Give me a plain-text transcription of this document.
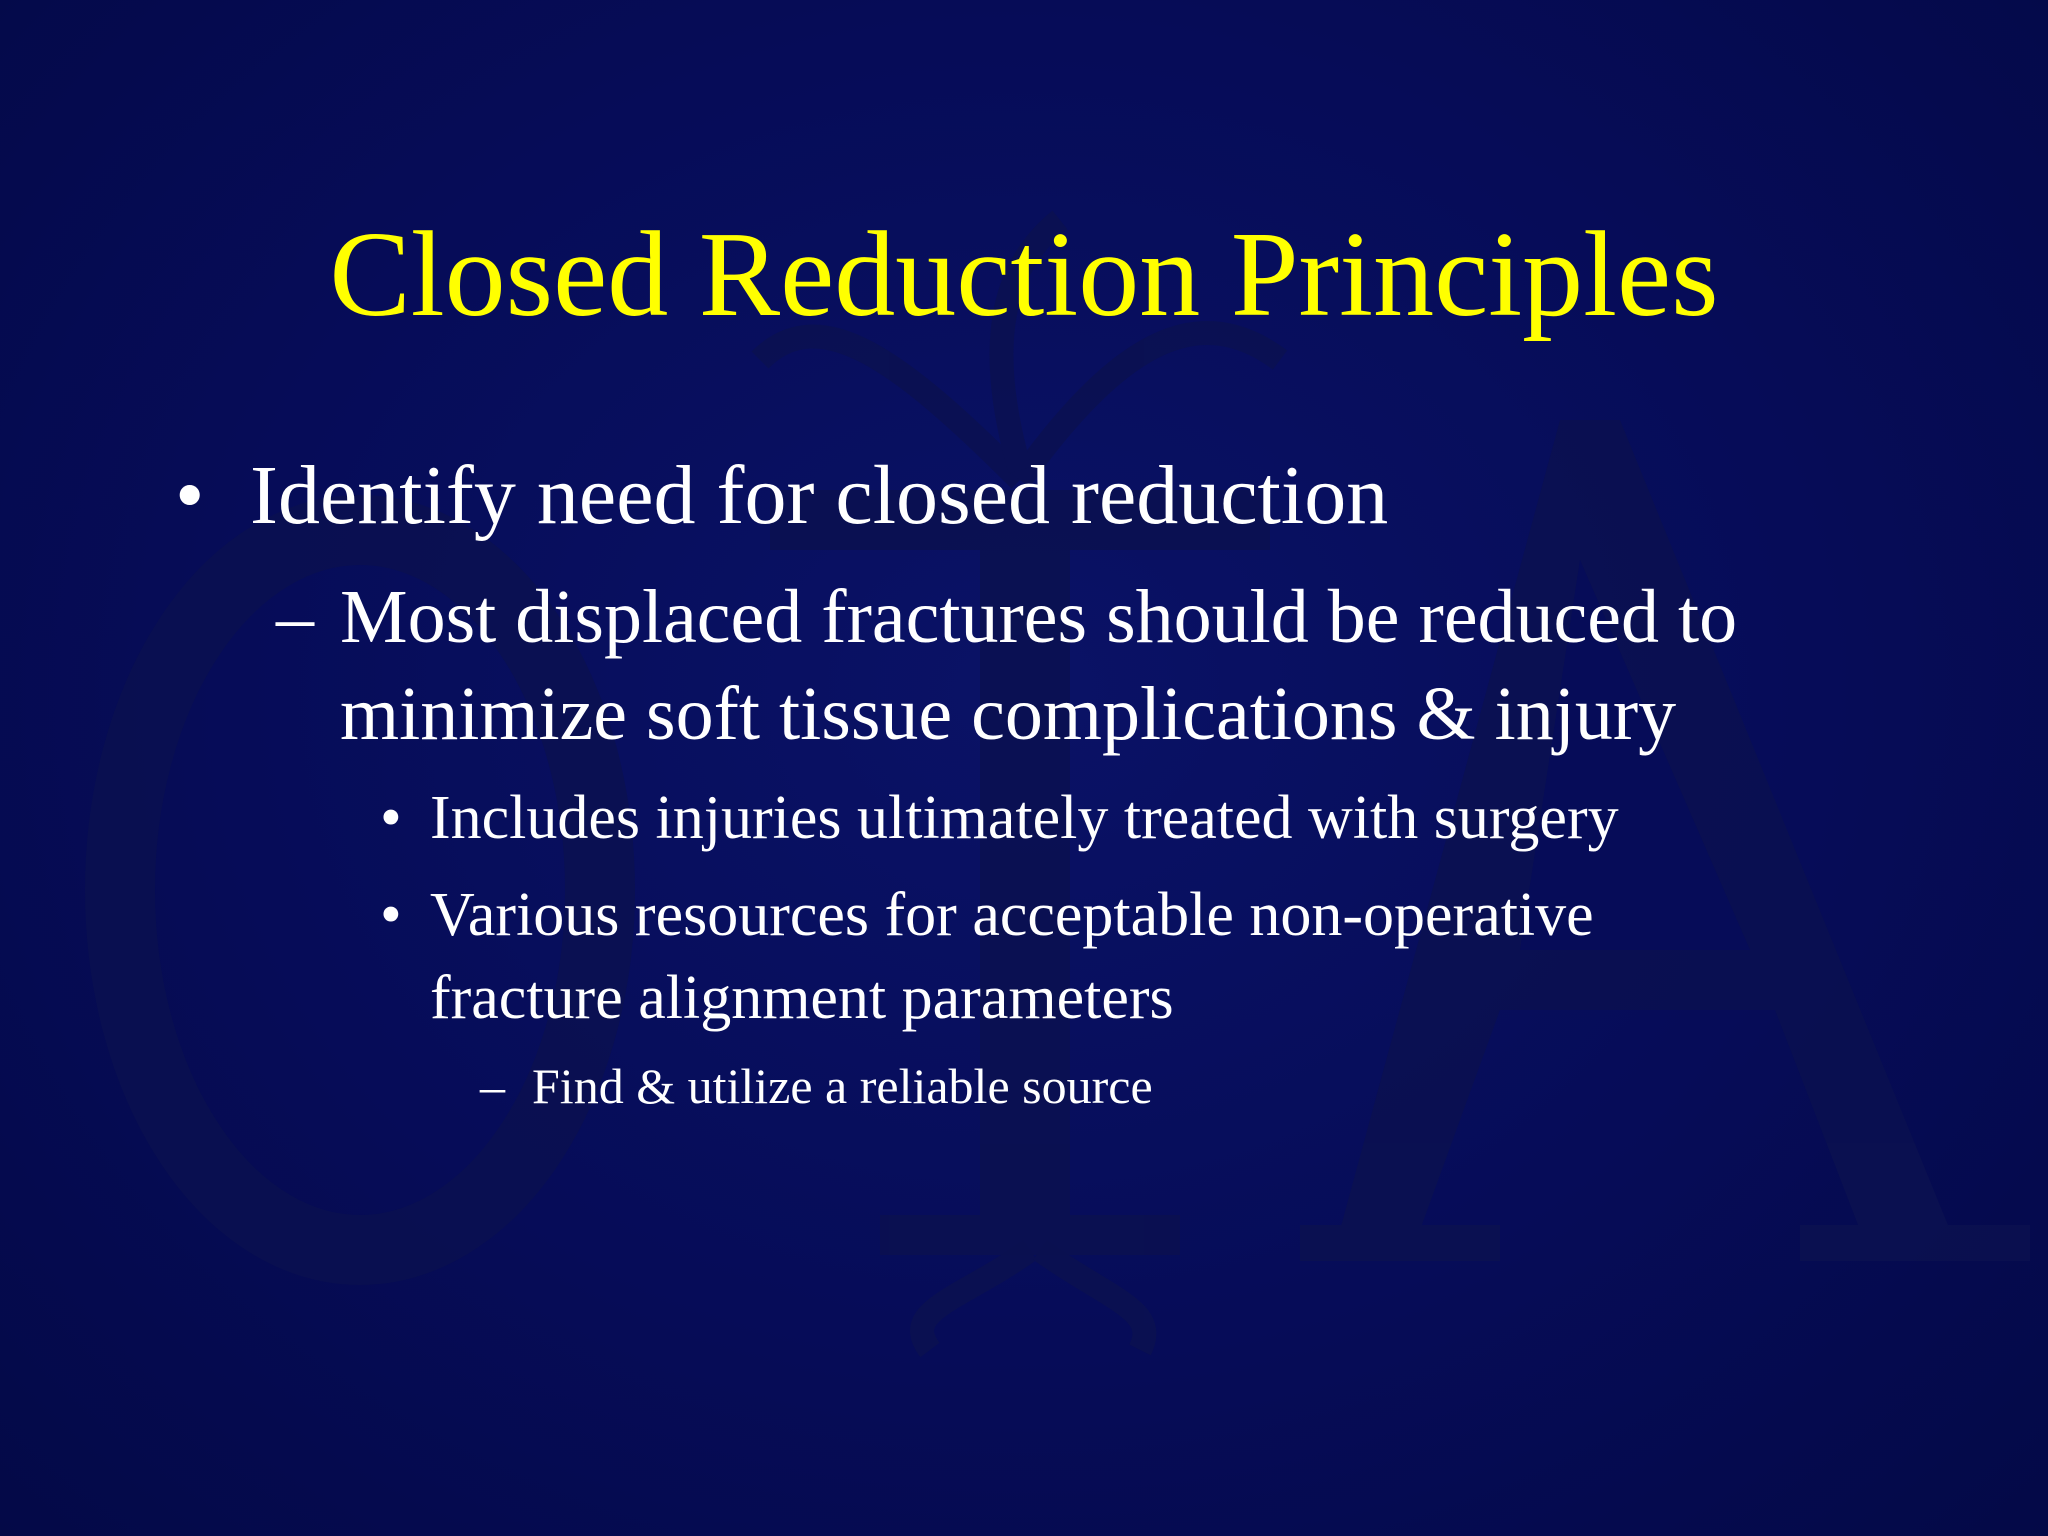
Closed Reduction Principles
• Identify need for closed reduction
– Most displaced fractures should be reduced to
minimize soft tissue complications & injury
• Includes injuries ultimately treated with surgery
• Various resources for acceptable non-operative
fracture alignment parameters
– Find & utilize a reliable source
